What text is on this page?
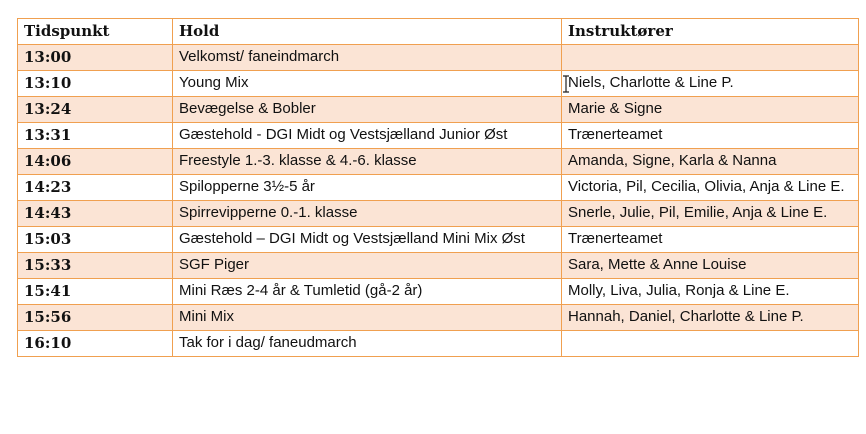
Tidspunkt	Hold	Instruktører
13:00	Velkomst/ faneindmarch	
13:10	Young Mix	Niels, Charlotte & Line P.
13:24	Bevægelse & Bobler	Marie & Signe
13:31	Gæstehold - DGI Midt og Vestsjælland Junior Øst	Trænerteamet
14:06	Freestyle 1.-3. klasse & 4.-6. klasse	Amanda, Signe, Karla & Nanna
14:23	Spilopperne 3½-5 år	Victoria, Pil, Cecilia, Olivia, Anja & Line E.
14:43	Spirrevipperne 0.-1. klasse	Snerle, Julie, Pil, Emilie, Anja & Line E.
15:03	Gæstehold – DGI Midt og Vestsjælland Mini Mix Øst	Trænerteamet
15:33	SGF Piger	Sara, Mette & Anne Louise
15:41	Mini Ræs 2-4 år & Tumletid (gå-2 år)	Molly, Liva, Julia, Ronja & Line E.
15:56	Mini Mix	Hannah, Daniel, Charlotte & Line P.
16:10	Tak for i dag/ faneudmarch	
